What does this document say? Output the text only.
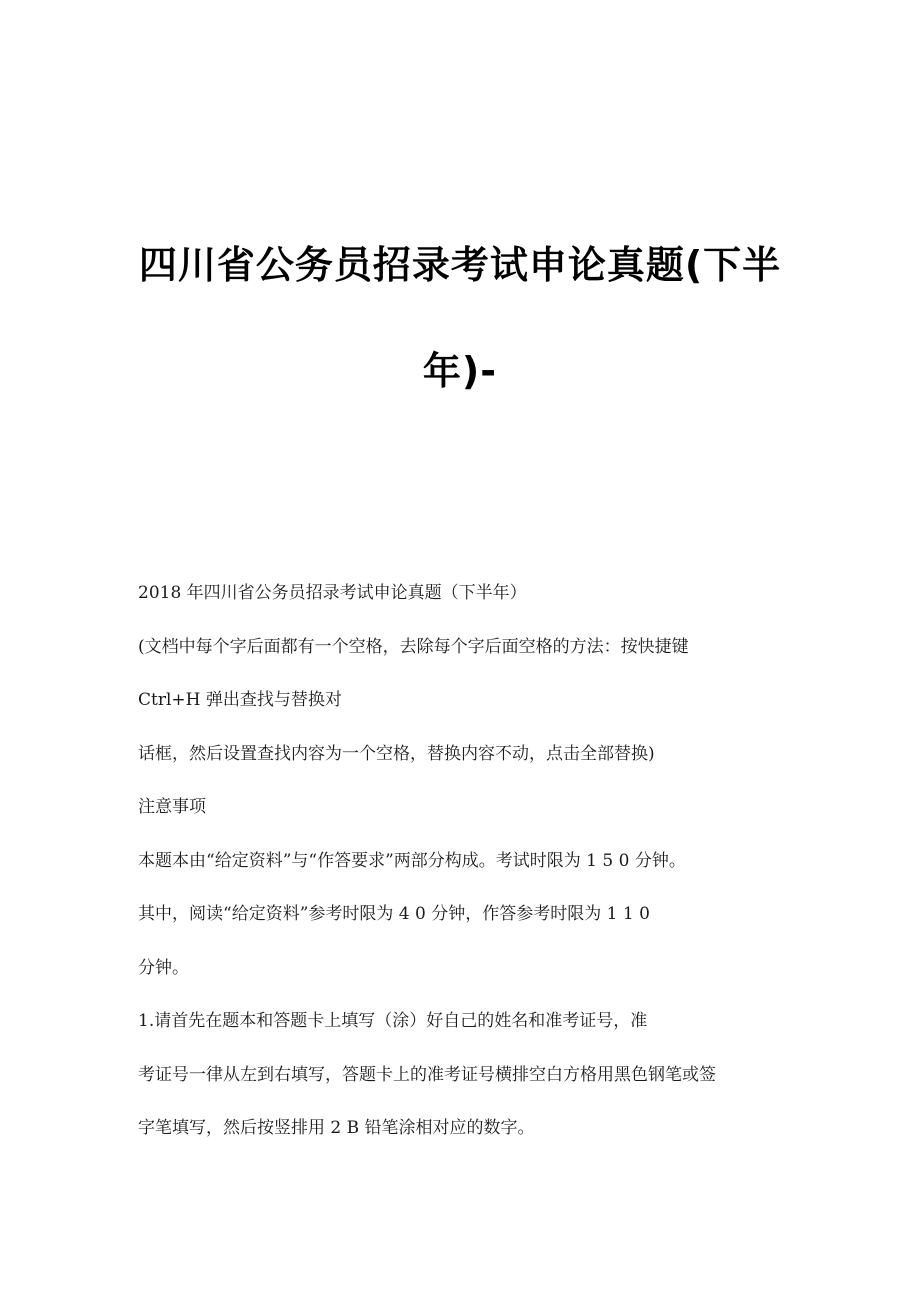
四川省公务员招录考试申论真题(下半
年)-

2018 年四川省公务员招录考试申论真题（下半年）

(文档中每个字后面都有一个空格，去除每个字后面空格的方法：按快捷键

Ctrl+H 弹出查找与替换对

话框，然后设置查找内容为一个空格，替换内容不动，点击全部替换)

注意事项

本题本由“给定资料”与“作答要求”两部分构成。考试时限为 1 5 0 分钟。

其中，阅读“给定资料”参考时限为 4 0 分钟，作答参考时限为 1 1 0

分钟。

1.请首先在题本和答题卡上填写（涂）好自己的姓名和准考证号，准

考证号一律从左到右填写，答题卡上的准考证号横排空白方格用黑色钢笔或签

字笔填写，然后按竖排用 2 B 铅笔涂相对应的数字。
